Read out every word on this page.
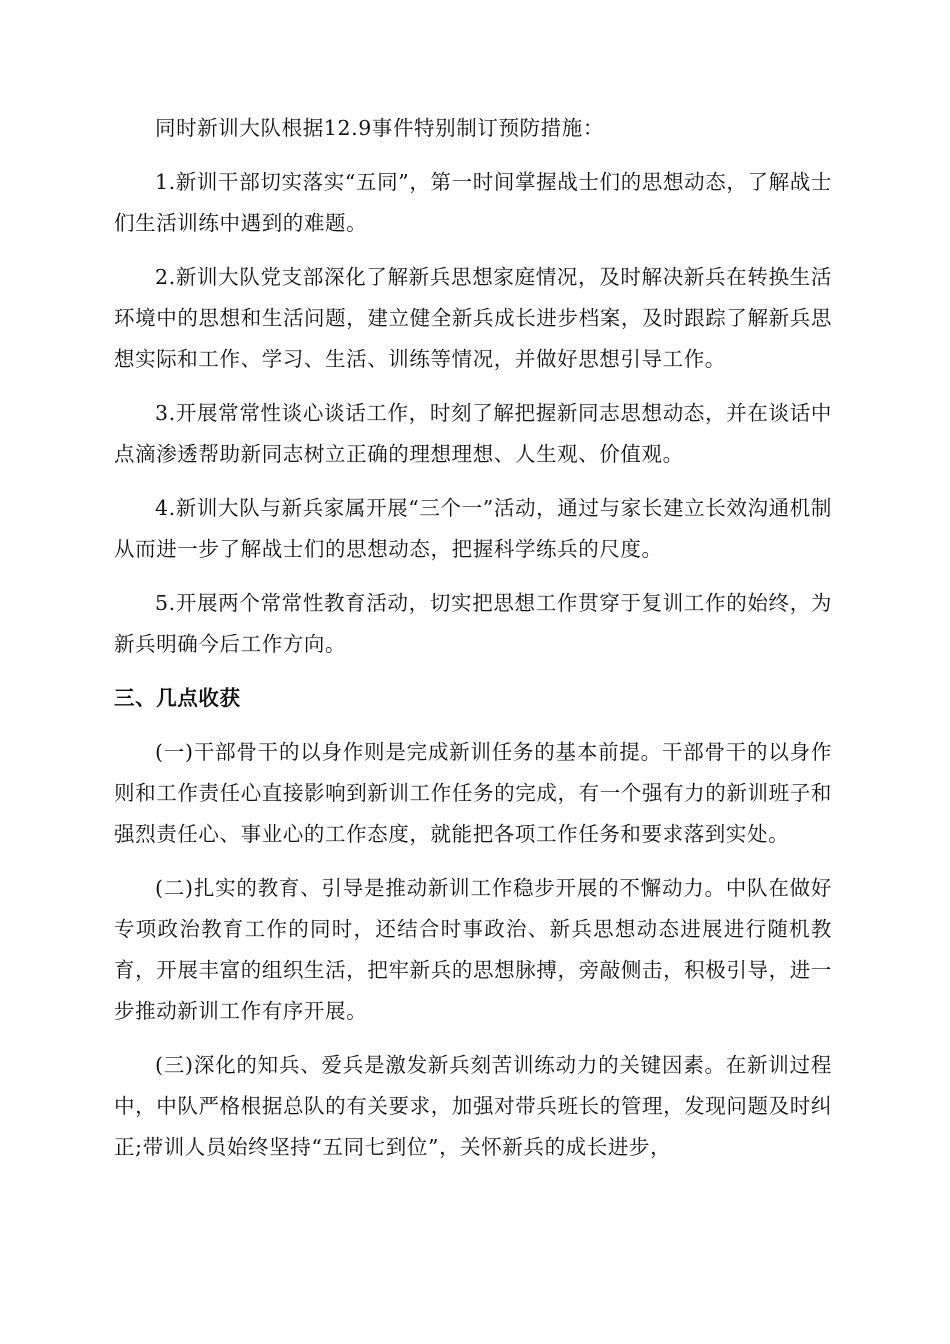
同时新训大队根据12.9事件特别制订预防措施：

1.新训干部切实落实“五同”，第一时间掌握战士们的思想动态，了解战士们生活训练中遇到的难题。

2.新训大队党支部深化了解新兵思想家庭情况，及时解决新兵在转换生活环境中的思想和生活问题，建立健全新兵成长进步档案，及时跟踪了解新兵思想实际和工作、学习、生活、训练等情况，并做好思想引导工作。

3.开展常常性谈心谈话工作，时刻了解把握新同志思想动态，并在谈话中点滴渗透帮助新同志树立正确的理想理想、人生观、价值观。

4.新训大队与新兵家属开展“三个一”活动，通过与家长建立长效沟通机制从而进一步了解战士们的思想动态，把握科学练兵的尺度。

5.开展两个常常性教育活动，切实把思想工作贯穿于复训工作的始终，为新兵明确今后工作方向。

三、几点收获

(一)干部骨干的以身作则是完成新训任务的基本前提。干部骨干的以身作则和工作责任心直接影响到新训工作任务的完成，有一个强有力的新训班子和强烈责任心、事业心的工作态度，就能把各项工作任务和要求落到实处。

(二)扎实的教育、引导是推动新训工作稳步开展的不懈动力。中队在做好专项政治教育工作的同时，还结合时事政治、新兵思想动态进展进行随机教育，开展丰富的组织生活，把牢新兵的思想脉搏，旁敲侧击，积极引导，进一步推动新训工作有序开展。

(三)深化的知兵、爱兵是激发新兵刻苦训练动力的关键因素。在新训过程中，中队严格根据总队的有关要求，加强对带兵班长的管理，发现问题及时纠正;带训人员始终坚持“五同七到位”，关怀新兵的成长进步，
